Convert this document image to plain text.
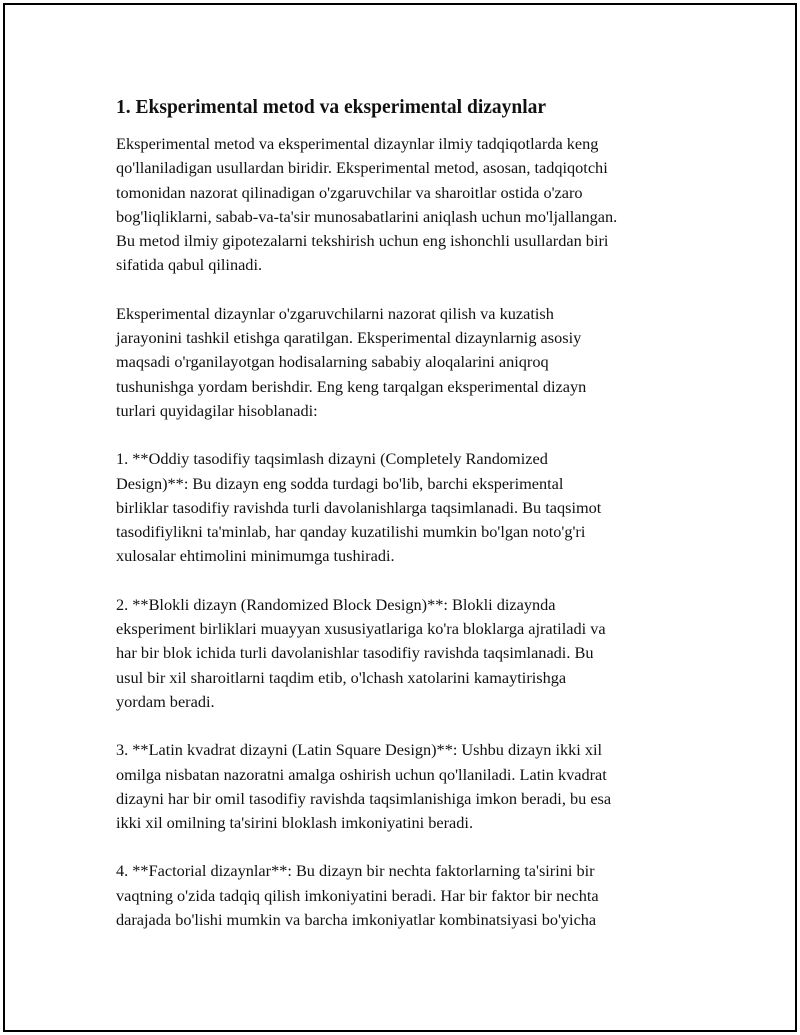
1. Eksperimental metod va eksperimental dizaynlar

Eksperimental metod va eksperimental dizaynlar ilmiy tadqiqotlarda keng
qo'llaniladigan usullardan biridir. Eksperimental metod, asosan, tadqiqotchi
tomonidan nazorat qilinadigan o'zgaruvchilar va sharoitlar ostida o'zaro
bog'liqliklarni, sabab-va-ta'sir munosabatlarini aniqlash uchun mo'ljallangan.
Bu metod ilmiy gipotezalarni tekshirish uchun eng ishonchli usullardan biri
sifatida qabul qilinadi.

Eksperimental dizaynlar o'zgaruvchilarni nazorat qilish va kuzatish
jarayonini tashkil etishga qaratilgan. Eksperimental dizaynlarnig asosiy
maqsadi o'rganilayotgan hodisalarning sababiy aloqalarini aniqroq
tushunishga yordam berishdir. Eng keng tarqalgan eksperimental dizayn
turlari quyidagilar hisoblanadi:

1. **Oddiy tasodifiy taqsimlash dizayni (Completely Randomized
Design)**: Bu dizayn eng sodda turdagi bo'lib, barchi eksperimental
birliklar tasodifiy ravishda turli davolanishlarga taqsimlanadi. Bu taqsimot
tasodifiylikni ta'minlab, har qanday kuzatilishi mumkin bo'lgan noto'g'ri
xulosalar ehtimolini minimumga tushiradi.

2. **Blokli dizayn (Randomized Block Design)**: Blokli dizaynda
eksperiment birliklari muayyan xususiyatlariga ko'ra bloklarga ajratiladi va
har bir blok ichida turli davolanishlar tasodifiy ravishda taqsimlanadi. Bu
usul bir xil sharoitlarni taqdim etib, o'lchash xatolarini kamaytirishga
yordam beradi.

3. **Latin kvadrat dizayni (Latin Square Design)**: Ushbu dizayn ikki xil
omilga nisbatan nazoratni amalga oshirish uchun qo'llaniladi. Latin kvadrat
dizayni har bir omil tasodifiy ravishda taqsimlanishiga imkon beradi, bu esa
ikki xil omilning ta'sirini bloklash imkoniyatini beradi.

4. **Factorial dizaynlar**: Bu dizayn bir nechta faktorlarning ta'sirini bir
vaqtning o'zida tadqiq qilish imkoniyatini beradi. Har bir faktor bir nechta
darajada bo'lishi mumkin va barcha imkoniyatlar kombinatsiyasi bo'yicha
